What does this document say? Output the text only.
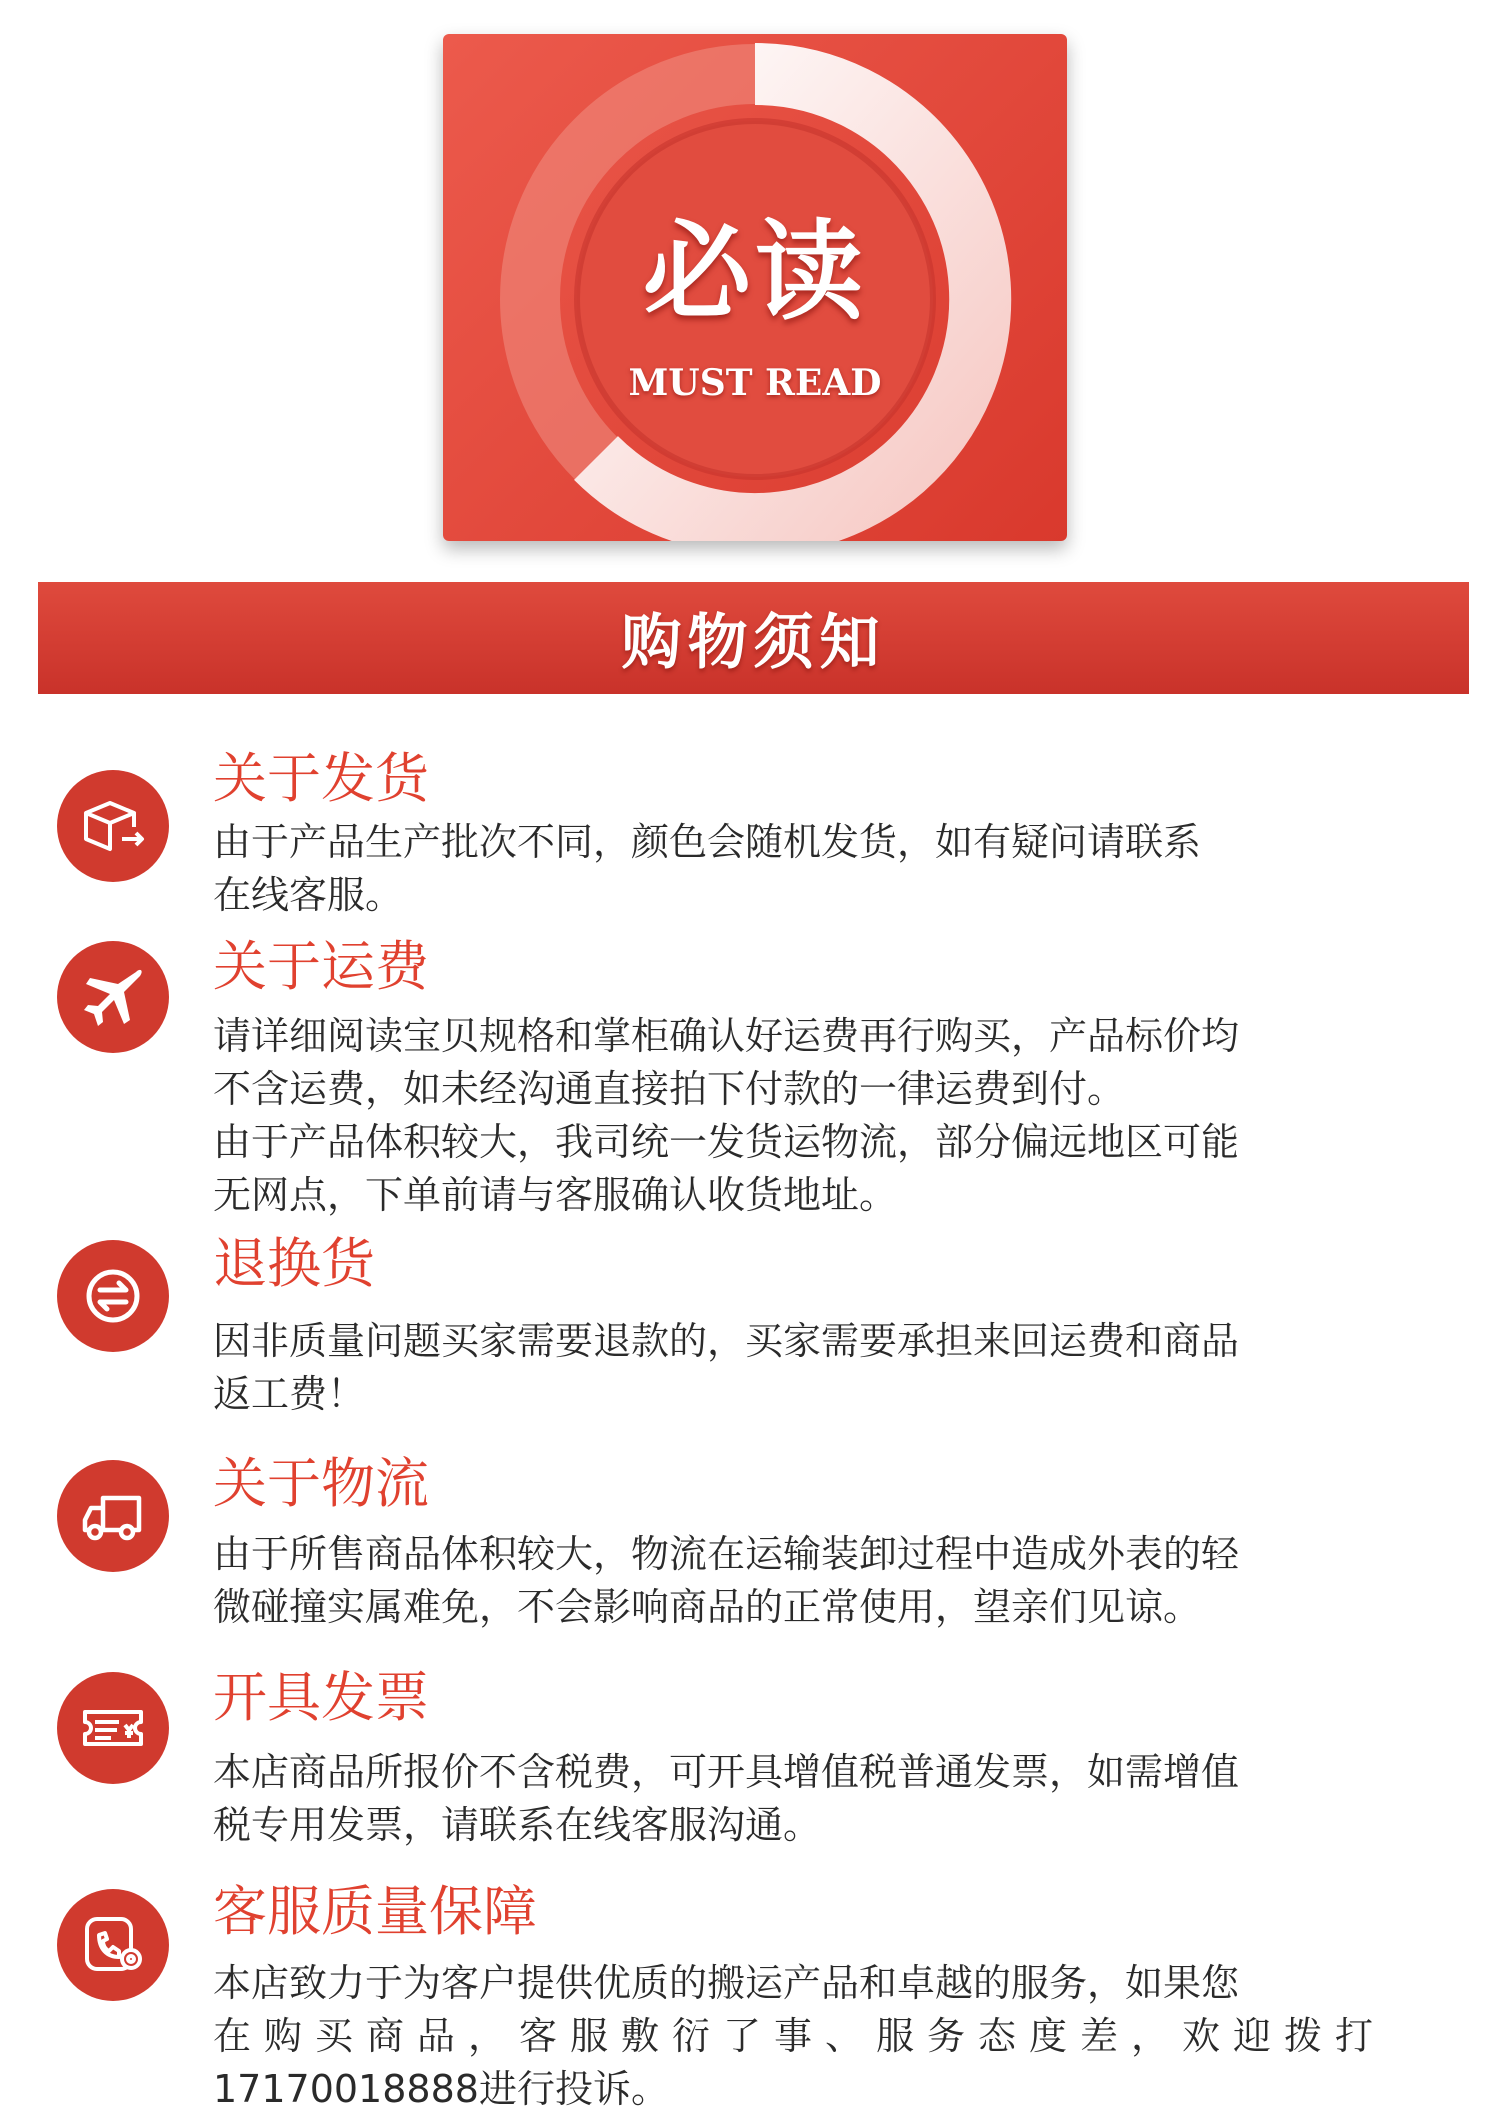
必读
MUST READ
购物须知
关于发货

由于产品生产批次不同，颜色会随机发货，如有疑问请联系

在线客服。

关于运费

请详细阅读宝贝规格和掌柜确认好运费再行购买，产品标价均

不含运费，如未经沟通直接拍下付款的一律运费到付。

由于产品体积较大，我司统一发货运物流，部分偏远地区可能

无网点，下单前请与客服确认收货地址。

退换货

因非质量问题买家需要退款的，买家需要承担来回运费和商品

返工费！

关于物流

由于所售商品体积较大，物流在运输装卸过程中造成外表的轻

微碰撞实属难免，不会影响商品的正常使用，望亲们见谅。

开具发票

本店商品所报价不含税费，可开具增值税普通发票，如需增值

税专用发票，请联系在线客服沟通。

客服质量保障

本店致力于为客户提供优质的搬运产品和卓越的服务，如果您

在购买商品，客服敷衍了事、服务态度差，欢迎拨打

17170018888进行投诉。
